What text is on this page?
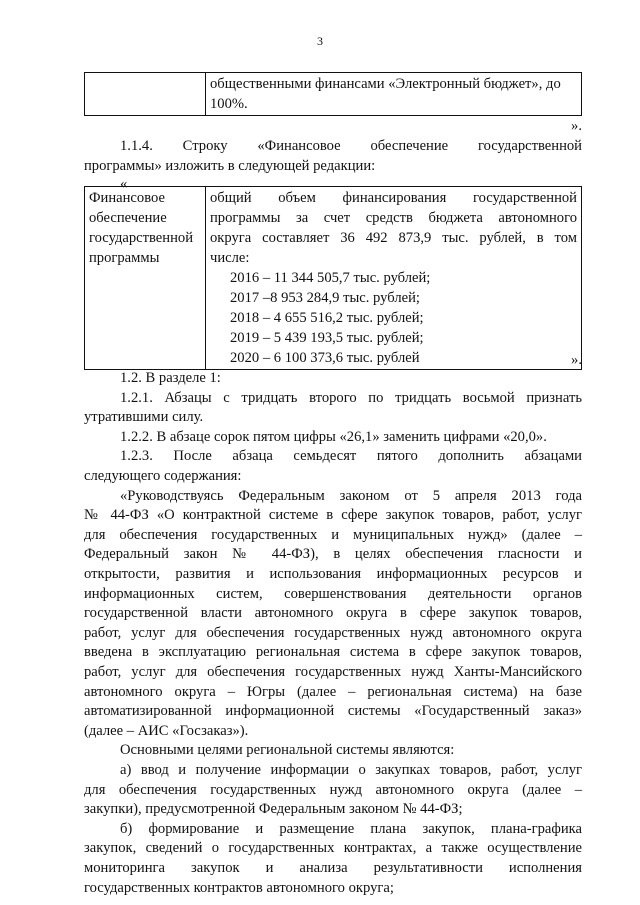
3

общественными финансами «Электронный бюджет», до
100%.
».
1.1.4. Строку «Финансовое обеспечение государственной
программы» изложить в следующей редакции:
«
Финансовое
обеспечение
государственной
программы

общий объем финансирования государственной
программы за счет средств бюджета автономного
округа составляет 36 492 873,9 тыс. рублей, в том
числе:
2016 – 11 344 505,7 тыс. рублей;
2017 –8 953 284,9 тыс. рублей;
2018 – 4 655 516,2 тыс. рублей;
2019 – 5 439 193,5 тыс. рублей;
2020 – 6 100 373,6 тыс. рублей	».
1.2. В разделе 1:
1.2.1. Абзацы с тридцать второго по тридцать восьмой признать
утратившими силу.
1.2.2. В абзаце сорок пятом цифры «26,1» заменить цифрами «20,0».
1.2.3. После абзаца семьдесят пятого дополнить абзацами
следующего содержания:
«Руководствуясь Федеральным законом от 5 апреля 2013 года
№ 44-ФЗ «О контрактной системе в сфере закупок товаров, работ, услуг
для обеспечения государственных и муниципальных нужд» (далее –
Федеральный закон № 44-ФЗ), в целях обеспечения гласности и
открытости, развития и использования информационных ресурсов и
информационных систем, совершенствования деятельности органов
государственной власти автономного округа в сфере закупок товаров,
работ, услуг для обеспечения государственных нужд автономного округа
введена в эксплуатацию региональная система в сфере закупок товаров,
работ, услуг для обеспечения государственных нужд Ханты-Мансийского
автономного округа – Югры (далее – региональная система) на базе
автоматизированной информационной системы «Государственный заказ»
(далее – АИС «Госзаказ»).
Основными целями региональной системы являются:
а) ввод и получение информации о закупках товаров, работ, услуг
для обеспечения государственных нужд автономного округа (далее –
закупки), предусмотренной Федеральным законом № 44-ФЗ;
б) формирование и размещение плана закупок, плана-графика
закупок, сведений о государственных контрактах, а также осуществление
мониторинга закупок и анализа результативности исполнения
государственных контрактов автономного округа;
